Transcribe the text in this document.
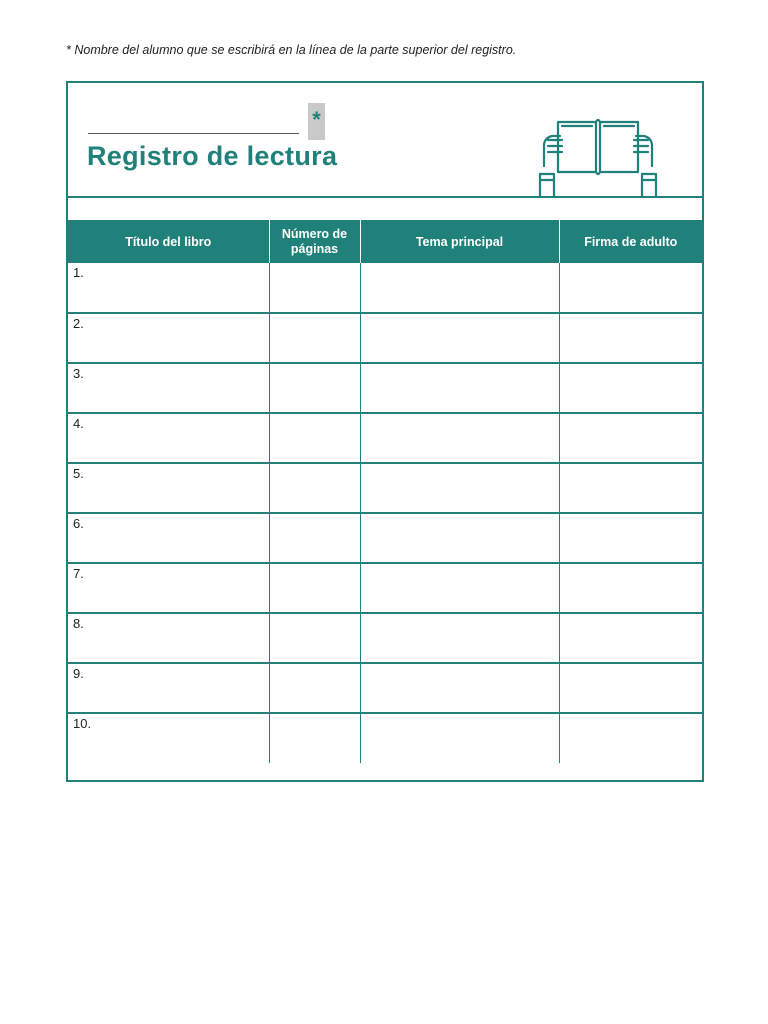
* Nombre del alumno que se escribirá en la línea de la parte superior del registro.
*
Registro de lectura
Título del libro	Número de páginas	Tema principal	Firma de adulto
1.			
2.			
3.			
4.			
5.			
6.			
7.			
8.			
9.			
10.			
